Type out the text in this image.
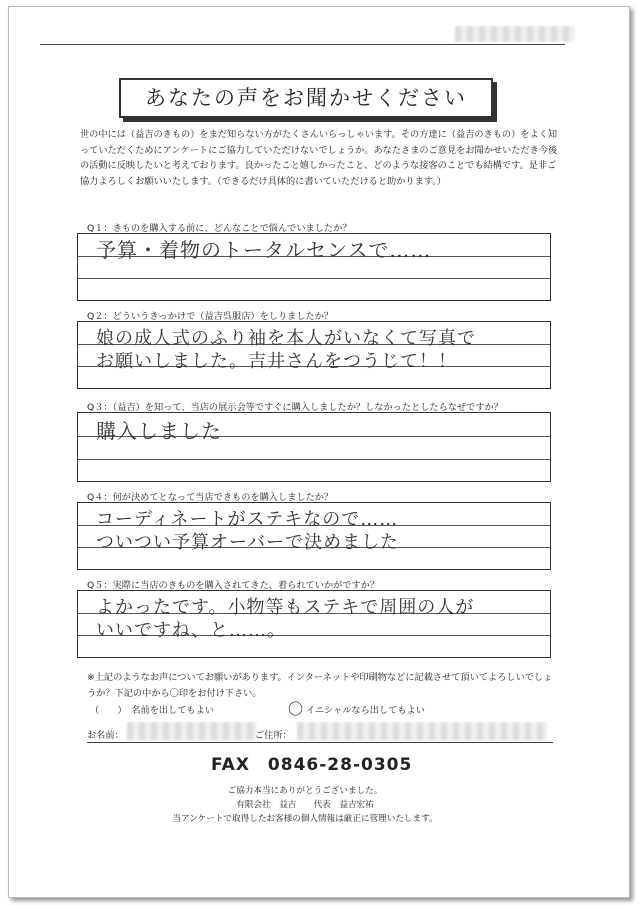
あなたの声をお聞かせください
世の中には（益吉のきもの）をまだ知らない方がたくさんいらっしゃいます。その方達に（益吉のきもの）をよく知っていただくためにアンケートにご協力していただけないでしょうか。あなたさまのご意見をお聞かせいただき今後の活動に反映したいと考えております。良かったこと嬉しかったこと、どのような接客のことでも結構です。是非ご協力よろしくお願いいたします。（できるだけ具体的に書いていただけると助かります。）
Q１：きものを購入する前に、どんなことで悩んでいましたか？
予算・着物のトータルセンスで……
Q２：どういうきっかけで（益吉呉服店）をしりましたか？
娘の成人式のふり袖を本人がいなくて写真で
お願いしました。吉井さんをつうじて！！
Q３：（益吉）を知って、当店の展示会等ですぐに購入しましたか？しなかったとしたらなぜですか？
購入しました
Q４：何が決めてとなって当店できものを購入しましたか？
コーディネートがステキなので……
ついつい予算オーバーで決めました
Q５：実際に当店のきものを購入されてきた、着られていかがですか？
よかったです。小物等もステキで周囲の人が
いいですね、と……。
※上記のようなお声についてお願いがあります。インターネットや印刷物などに記載させて頂いてよろしいでしょうか？下記の中から〇印をお付け下さい。
（　　）　名前を出してもよい	〇 イニシャルなら出してもよい
お名前：	ご住所：
FAX　0846-28-0305
ご協力本当にありがとうございました。
有限会社　益吉　　代表　益吉宏祐
当アンケートで取得したお客様の個人情報は厳正に管理いたします。
